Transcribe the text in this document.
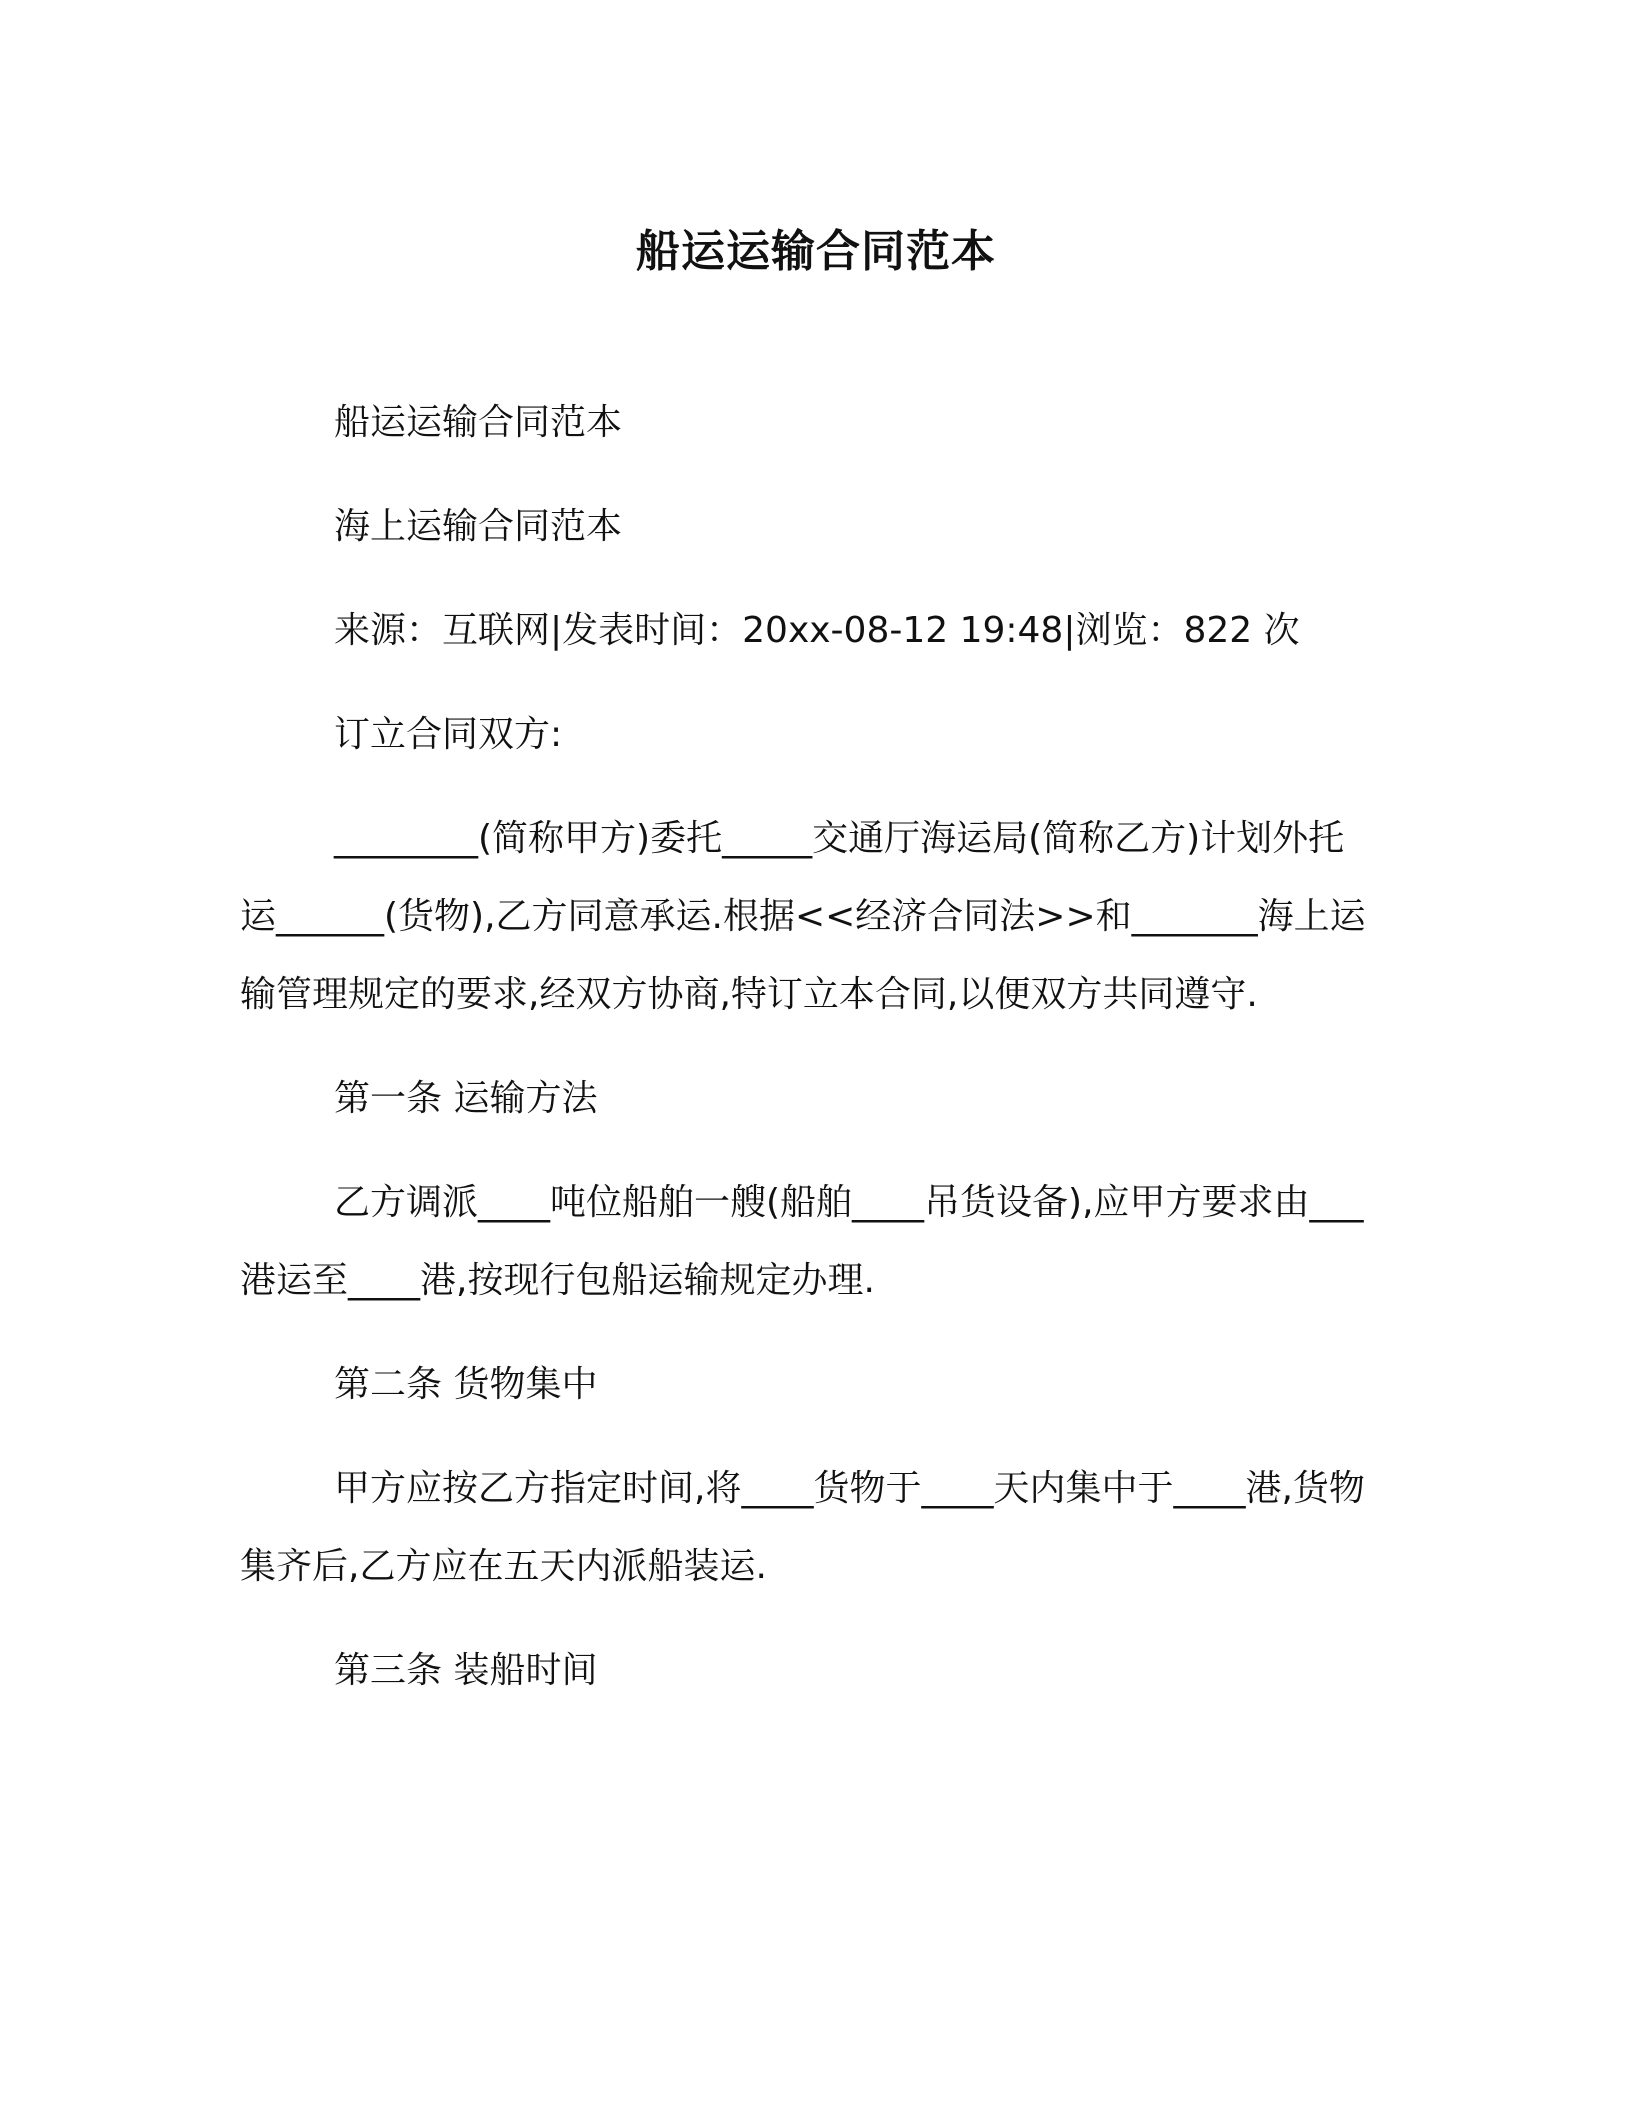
船运运输合同范本

船运运输合同范本

海上运输合同范本

来源：互联网|发表时间：20xx-08-12 19:48|浏览：822 次

订立合同双方:

________(简称甲方)委托_____交通厅海运局(简称乙方)计划外托运______(货物),乙方同意承运.根据<<经济合同法>>和_______海上运输管理规定的要求,经双方协商,特订立本合同,以便双方共同遵守.

第一条 运输方法

乙方调派____吨位船舶一艘(船舶____吊货设备),应甲方要求由___港运至____港,按现行包船运输规定办理.

第二条 货物集中

甲方应按乙方指定时间,将____货物于____天内集中于____港,货物集齐后,乙方应在五天内派船装运.

第三条 装船时间
